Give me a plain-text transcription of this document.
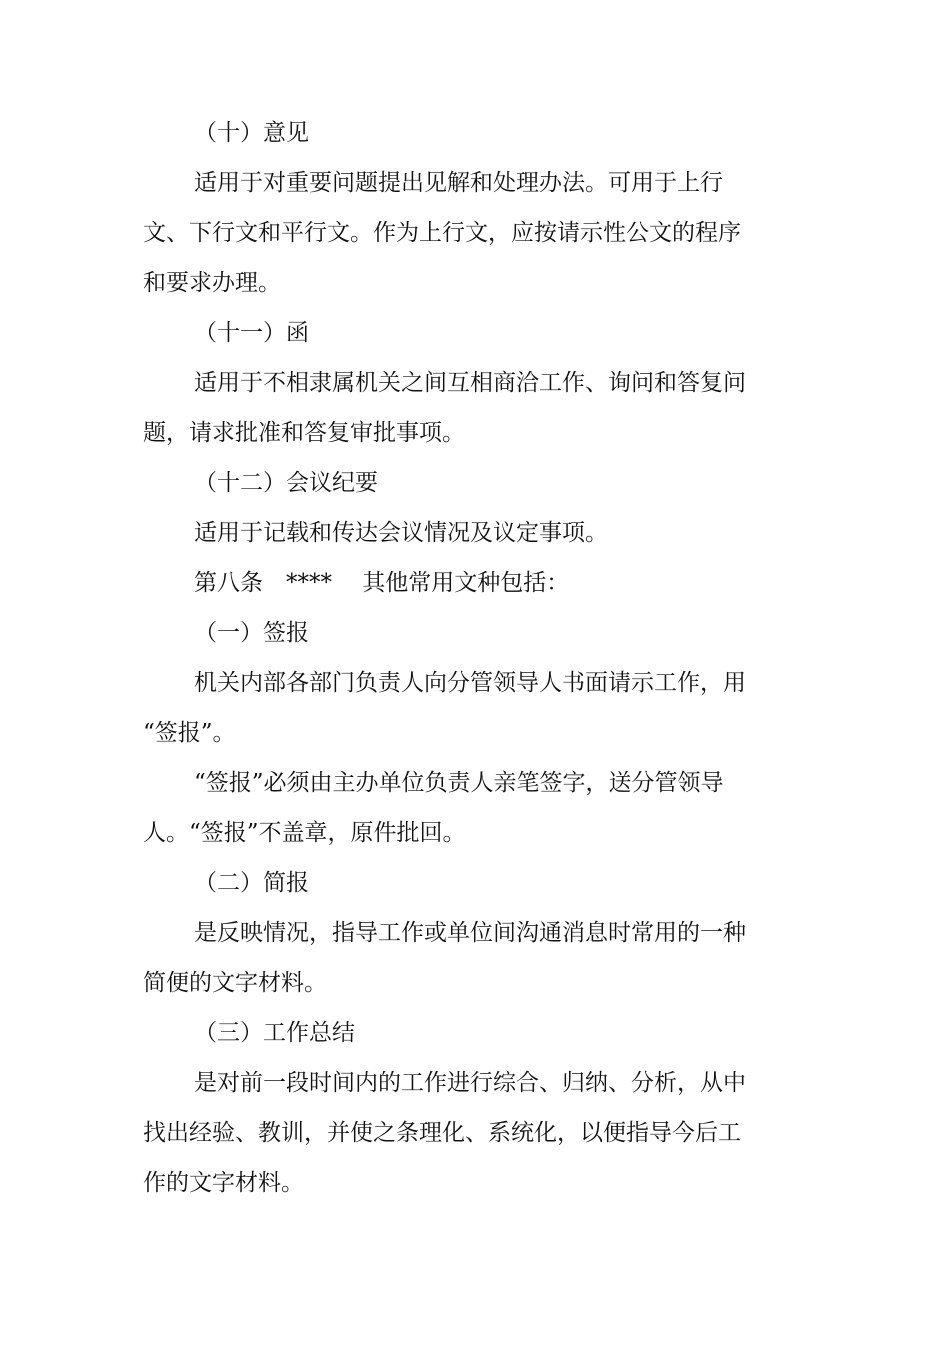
（十）意见

适用于对重要问题提出见解和处理办法。可用于上行

文、下行文和平行文。作为上行文，应按请示性公文的程序

和要求办理。

（十一）函

适用于不相隶属机关之间互相商洽工作、询问和答复问

题，请求批准和答复审批事项。

（十二）会议纪要

适用于记载和传达会议情况及议定事项。

第八条　****　 其他常用文种包括：

（一）签报

机关内部各部门负责人向分管领导人书面请示工作，用

“签报”。

“签报”必须由主办单位负责人亲笔签字，送分管领导

人。“签报”不盖章，原件批回。

（二）简报

是反映情况，指导工作或单位间沟通消息时常用的一种

简便的文字材料。

（三）工作总结

是对前一段时间内的工作进行综合、归纳、分析，从中

找出经验、教训，并使之条理化、系统化，以便指导今后工

作的文字材料。
